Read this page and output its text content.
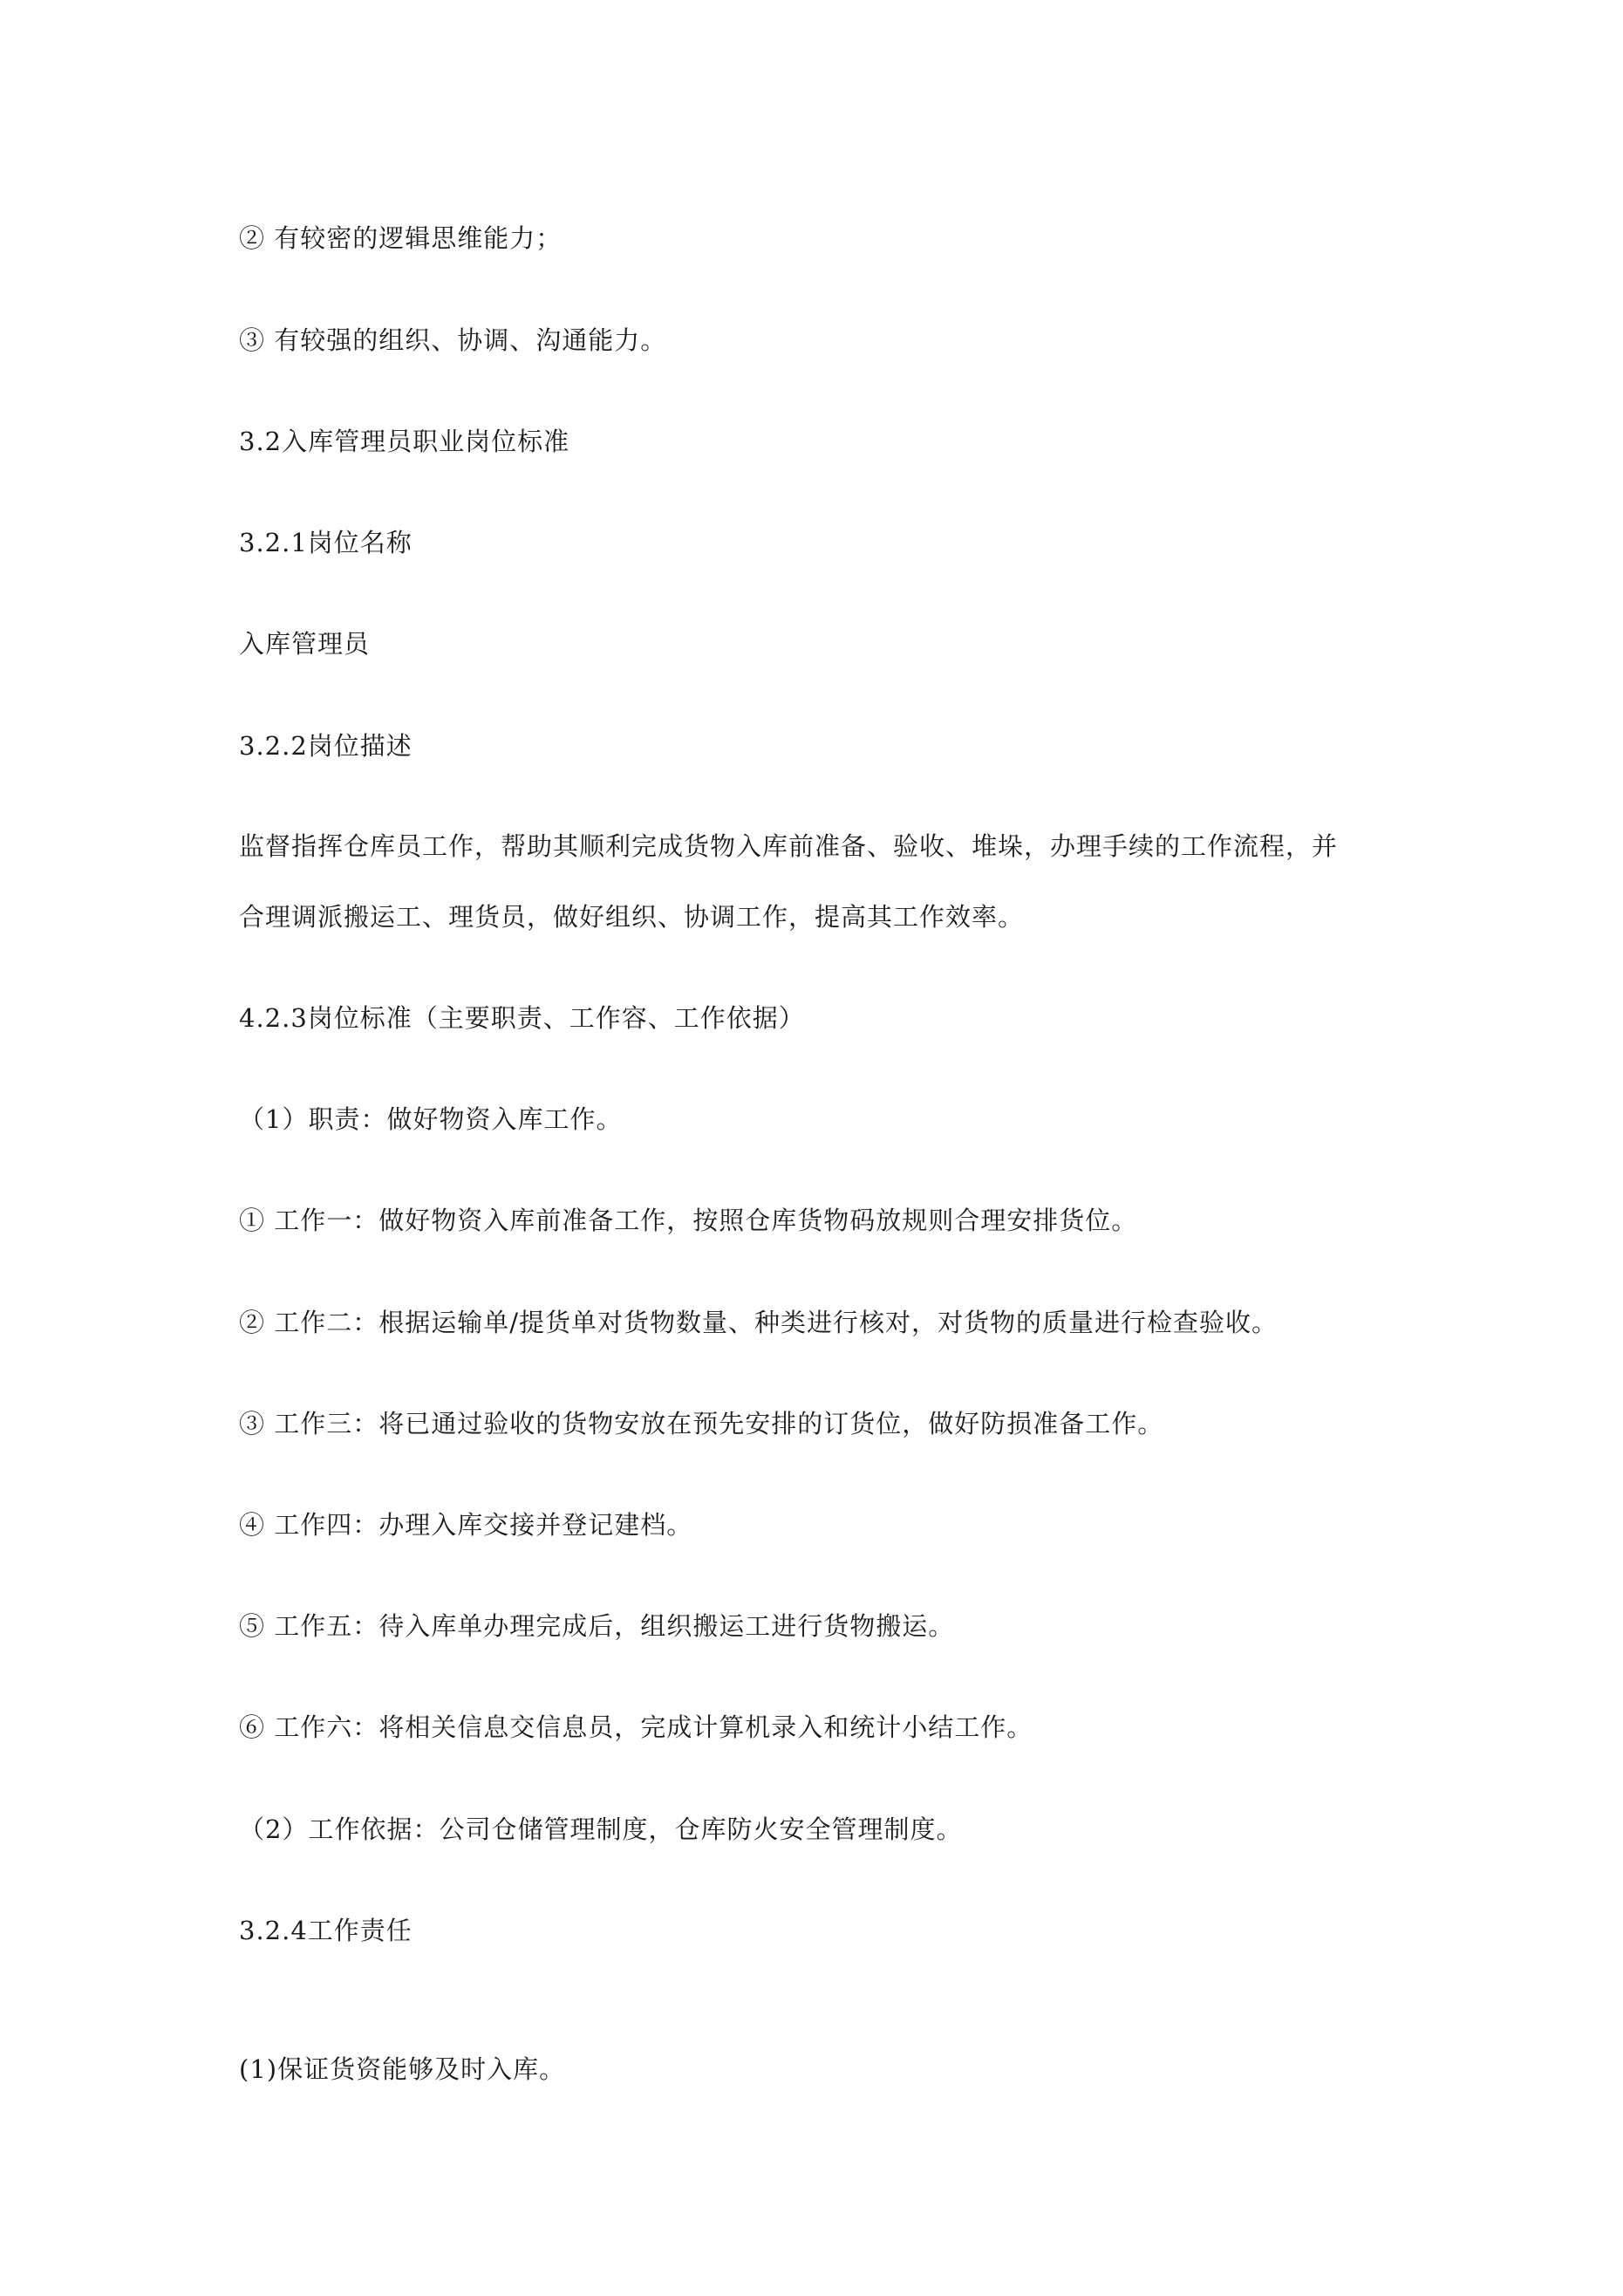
② 有较密的逻辑思维能力；
③ 有较强的组织、协调、沟通能力。
3.2入库管理员职业岗位标准
3.2.1岗位名称
入库管理员
3.2.2岗位描述
监督指挥仓库员工作，帮助其顺利完成货物入库前准备、验收、堆垛，办理手续的工作流程，并
合理调派搬运工、理货员，做好组织、协调工作，提高其工作效率。
4.2.3岗位标准（主要职责、工作容、工作依据）
（1）职责：做好物资入库工作。
① 工作一：做好物资入库前准备工作，按照仓库货物码放规则合理安排货位。
② 工作二：根据运输单/提货单对货物数量、种类进行核对，对货物的质量进行检查验收。
③ 工作三：将已通过验收的货物安放在预先安排的订货位，做好防损准备工作。
④ 工作四：办理入库交接并登记建档。
⑤ 工作五：待入库单办理完成后，组织搬运工进行货物搬运。
⑥ 工作六：将相关信息交信息员，完成计算机录入和统计小结工作。
（2）工作依据：公司仓储管理制度，仓库防火安全管理制度。
3.2.4工作责任
(1)保证货资能够及时入库。
